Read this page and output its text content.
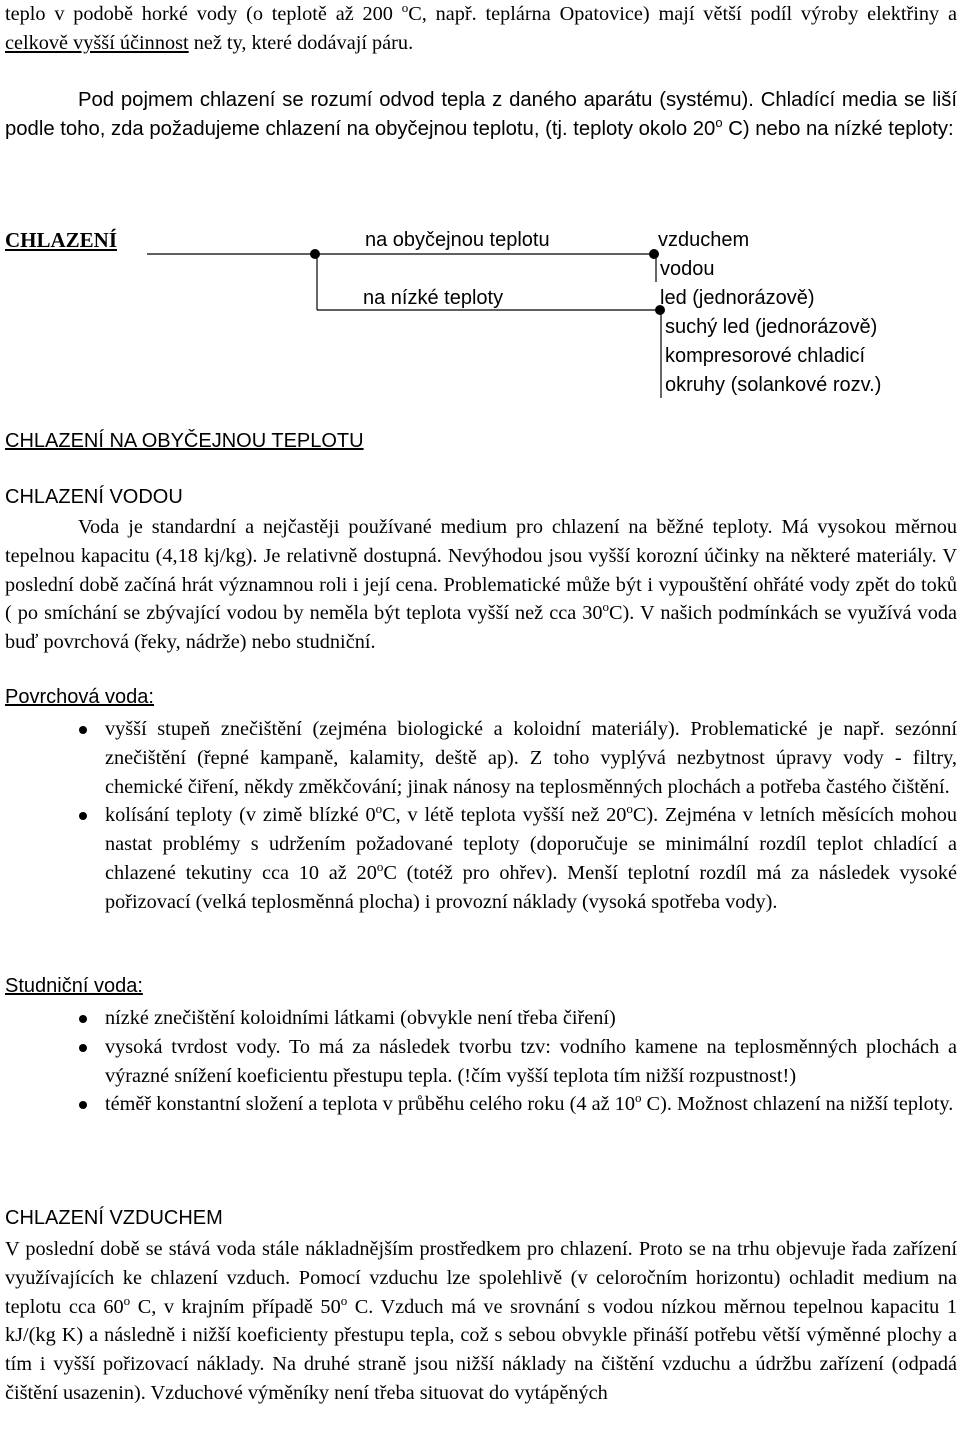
teplo v podobě horké vody (o teplotě až 200 $^o$C, např. teplárna Opatovice) mají větší podíl výroby elektřiny a celkově vyšší účinnost než ty, které dodávají páru.

Pod pojmem chlazení se rozumí odvod tepla z daného aparátu (systému). Chladící media se liší podle toho, zda požadujeme chlazení na obyčejnou teplotu, (tj. teploty okolo 20$^o$ C) nebo na nízké teploty:

CHLAZENÍ	na obyčejnou teplotu
na nízké teploty
vzduchem
vodou
led (jednorázově)
suchý led (jednorázově)
kompresorové chladicí
okruhy (solankové rozv.)
CHLAZENÍ NA OBYČEJNOU TEPLOTU
CHLAZENÍ VODOU

Voda je standardní a nejčastěji používané medium pro chlazení na běžné teploty. Má vysokou měrnou tepelnou kapacitu (4,18 kj/kg). Je relativně dostupná. Nevýhodou jsou vyšší korozní účinky na některé materiály. V poslední době začíná hrát významnou roli i její cena. Problematické může být i vypouštění ohřáté vody zpět do toků ( po smíchání se zbývající vodou by neměla být teplota vyšší než cca 30$^o$C). V našich podmínkách se využívá voda buď povrchová (řeky, nádrže) nebo studniční.

Povrchová voda:
vyšší stupeň znečištění (zejména biologické a koloidní materiály). Problematické je např. sezónní znečištění (řepné kampaně, kalamity, deště ap). Z toho vyplývá nezbytnost úpravy vody - filtry, chemické čiření, někdy změkčování; jinak nánosy na teplosměnných plochách a potřeba častého čištění.
kolísání teploty (v zimě blízké 0$^o$C, v létě teplota vyšší než 20$^o$C). Zejména v letních měsících mohou nastat problémy s udržením požadované teploty (doporučuje se minimální rozdíl teplot chladící a chlazené tekutiny cca 10 až 20$^o$C (totéž pro ohřev). Menší teplotní rozdíl má za následek vysoké pořizovací (velká teplosměnná plocha) i provozní náklady (vysoká spotřeba vody).
Studniční voda:
nízké znečištění koloidními látkami (obvykle není třeba čiření)
vysoká tvrdost vody. To má za následek tvorbu tzv: vodního kamene na teplosměnných plochách a výrazné snížení koeficientu přestupu tepla. (!čím vyšší teplota tím nižší rozpustnost!)
téměř konstantní složení a teplota v průběhu celého roku (4 až 10$^o$ C). Možnost chlazení na nižší teploty.
CHLAZENÍ VZDUCHEM

V poslední době se stává voda stále nákladnějším prostředkem pro chlazení. Proto se na trhu objevuje řada zařízení využívajících ke chlazení vzduch. Pomocí vzduchu lze spolehlivě (v celoročním horizontu) ochladit medium na teplotu cca 60$^o$ C, v krajním případě 50$^o$ C. Vzduch má ve srovnání s vodou nízkou měrnou tepelnou kapacitu 1 kJ/(kg K) a následně i nižší koeficienty přestupu tepla, což s sebou obvykle přináší potřebu větší výměnné plochy a tím i vyšší pořizovací náklady. Na druhé straně jsou nižší náklady na čištění vzduchu a údržbu zařízení (odpadá čištění usazenin). Vzduchové výměníky není třeba situovat do vytápěných
